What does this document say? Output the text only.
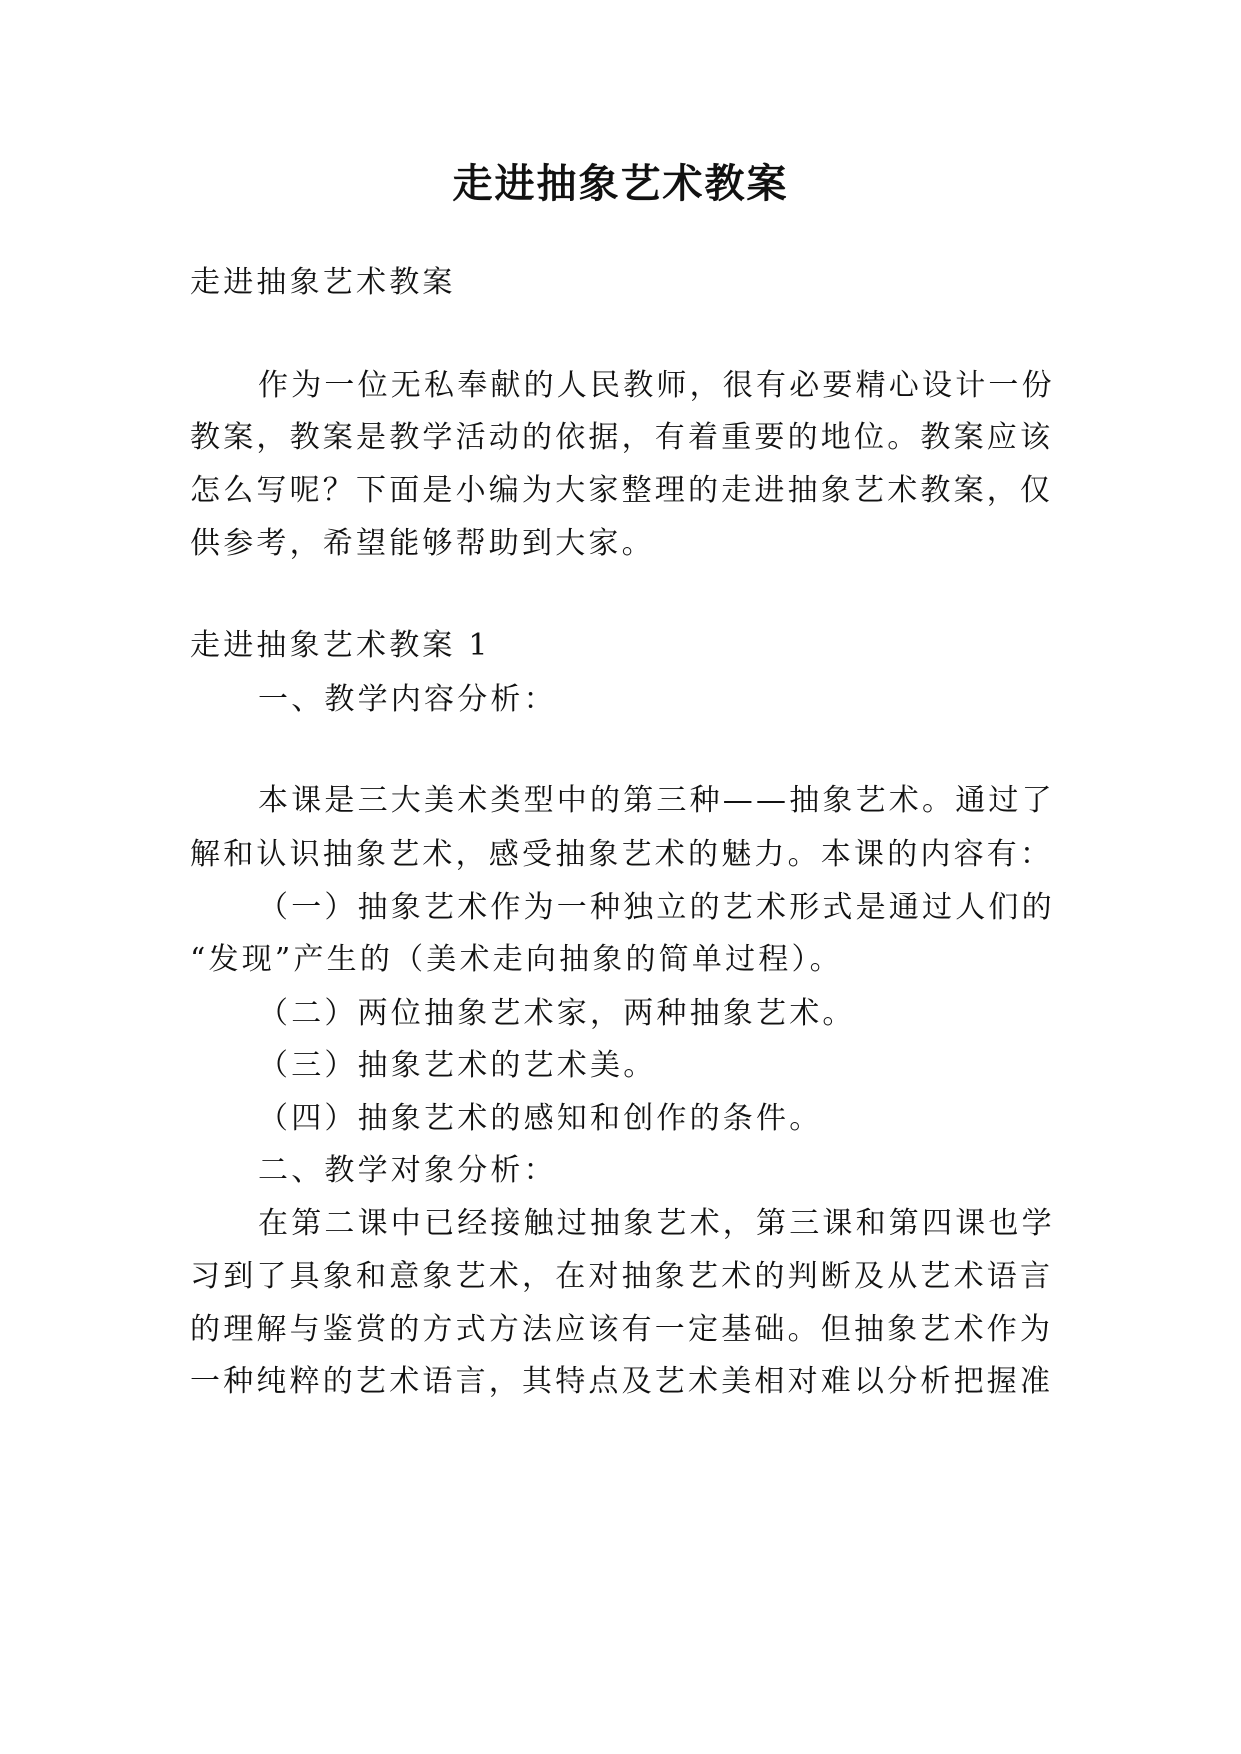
走进抽象艺术教案
走进抽象艺术教案
作为一位无私奉献的人民教师，很有必要精心设计一份
教案，教案是教学活动的依据，有着重要的地位。教案应该
怎么写呢？下面是小编为大家整理的走进抽象艺术教案，仅
供参考，希望能够帮助到大家。
走进抽象艺术教案 1
一、教学内容分析：
本课是三大美术类型中的第三种——抽象艺术。通过了
解和认识抽象艺术，感受抽象艺术的魅力。本课的内容有：
（一）抽象艺术作为一种独立的艺术形式是通过人们的
“发现”产生的（美术走向抽象的简单过程）。
（二）两位抽象艺术家，两种抽象艺术。
（三）抽象艺术的艺术美。
（四）抽象艺术的感知和创作的条件。
二、教学对象分析：
在第二课中已经接触过抽象艺术，第三课和第四课也学
习到了具象和意象艺术，在对抽象艺术的判断及从艺术语言
的理解与鉴赏的方式方法应该有一定基础。但抽象艺术作为
一种纯粹的艺术语言，其特点及艺术美相对难以分析把握准
